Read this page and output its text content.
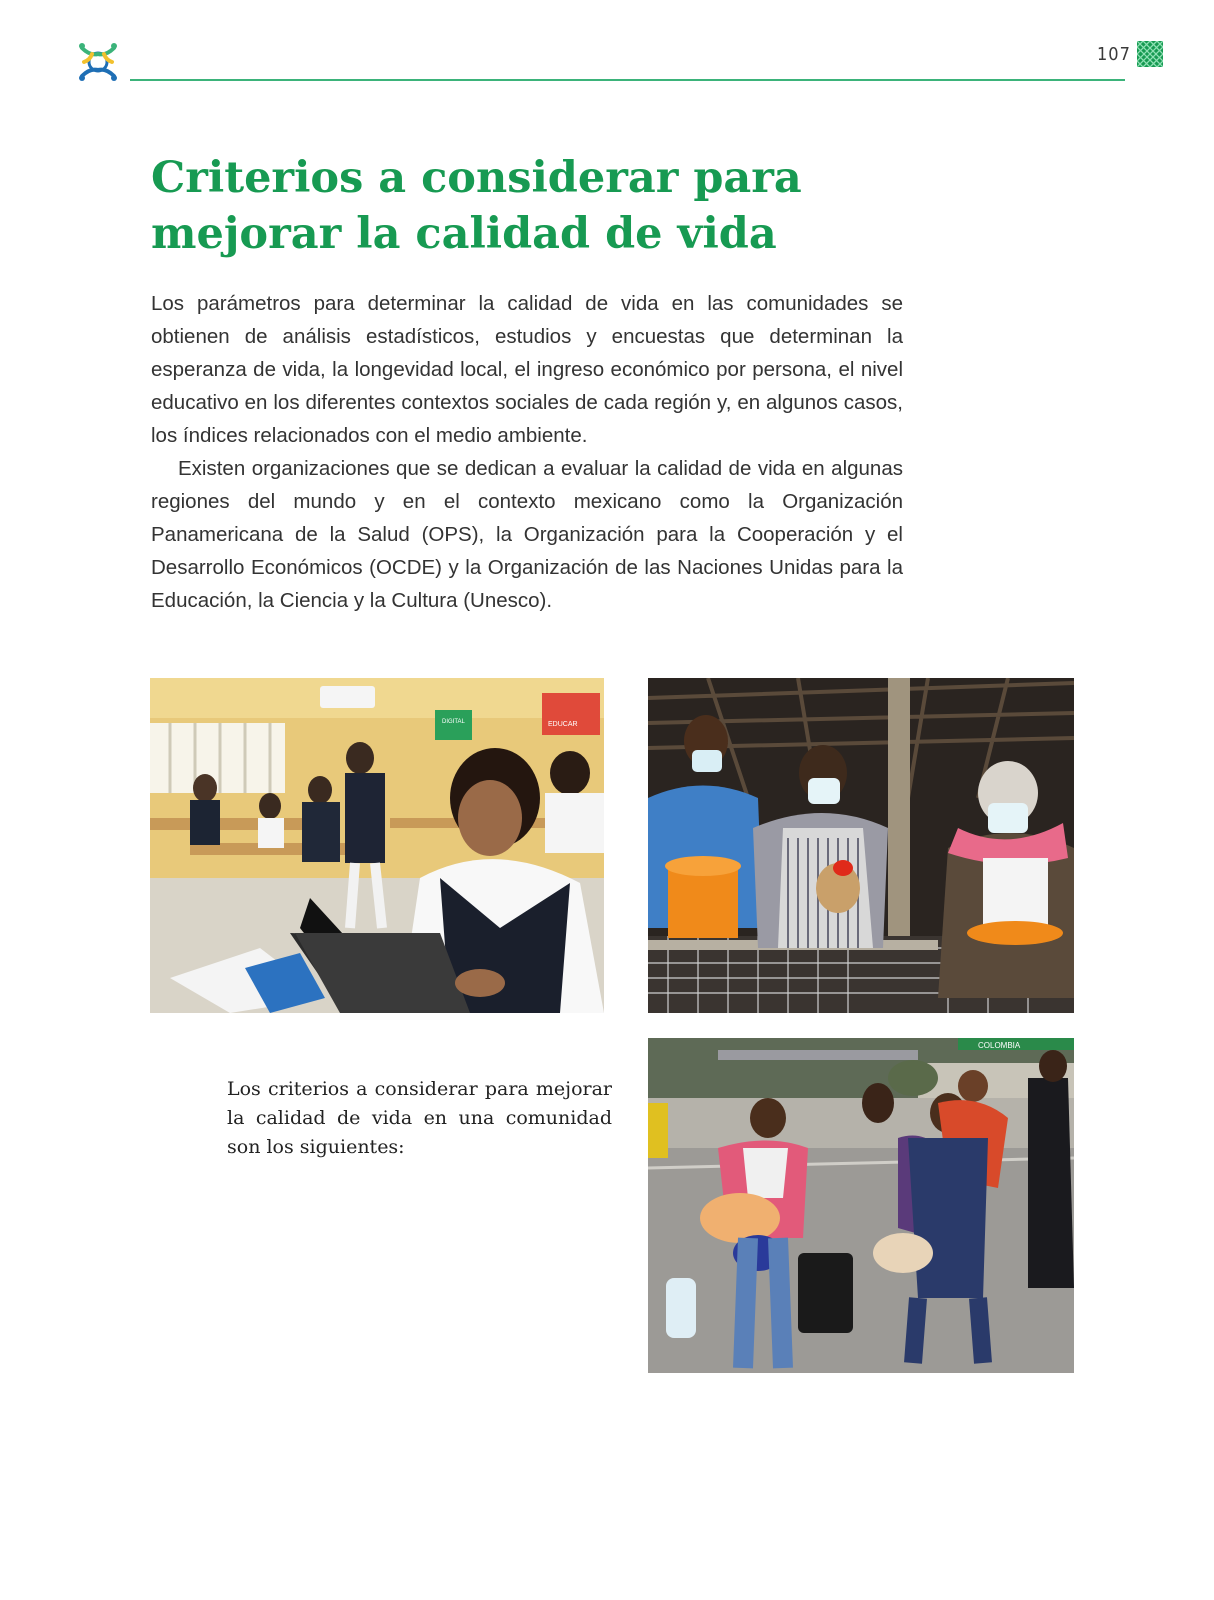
107
Criterios a considerar para mejorar la calidad de vida

Los parámetros para determinar la calidad de vida en las comunidades se obtienen de análisis estadísticos, estudios y encuestas que determinan la esperanza de vida, la longevidad local, el ingreso económico por persona, el nivel educativo en los diferentes contextos sociales de cada región y, en algunos casos, los índices relacionados con el medio ambiente.

Existen organizaciones que se dedican a evaluar la calidad de vida en algunas regiones del mundo y en el contexto mexicano como la Organización Panamericana de la Salud (OPS), la Organización para la Cooperación y el Desarrollo Económicos (OCDE) y la Organización de las Naciones Unidas para la Educación, la Ciencia y la Cultura (Unesco).

DIGITAL	EDUCAR
Los criterios a considerar para mejorar la calidad de vida en una comunidad son los siguientes:
COLOMBIA
